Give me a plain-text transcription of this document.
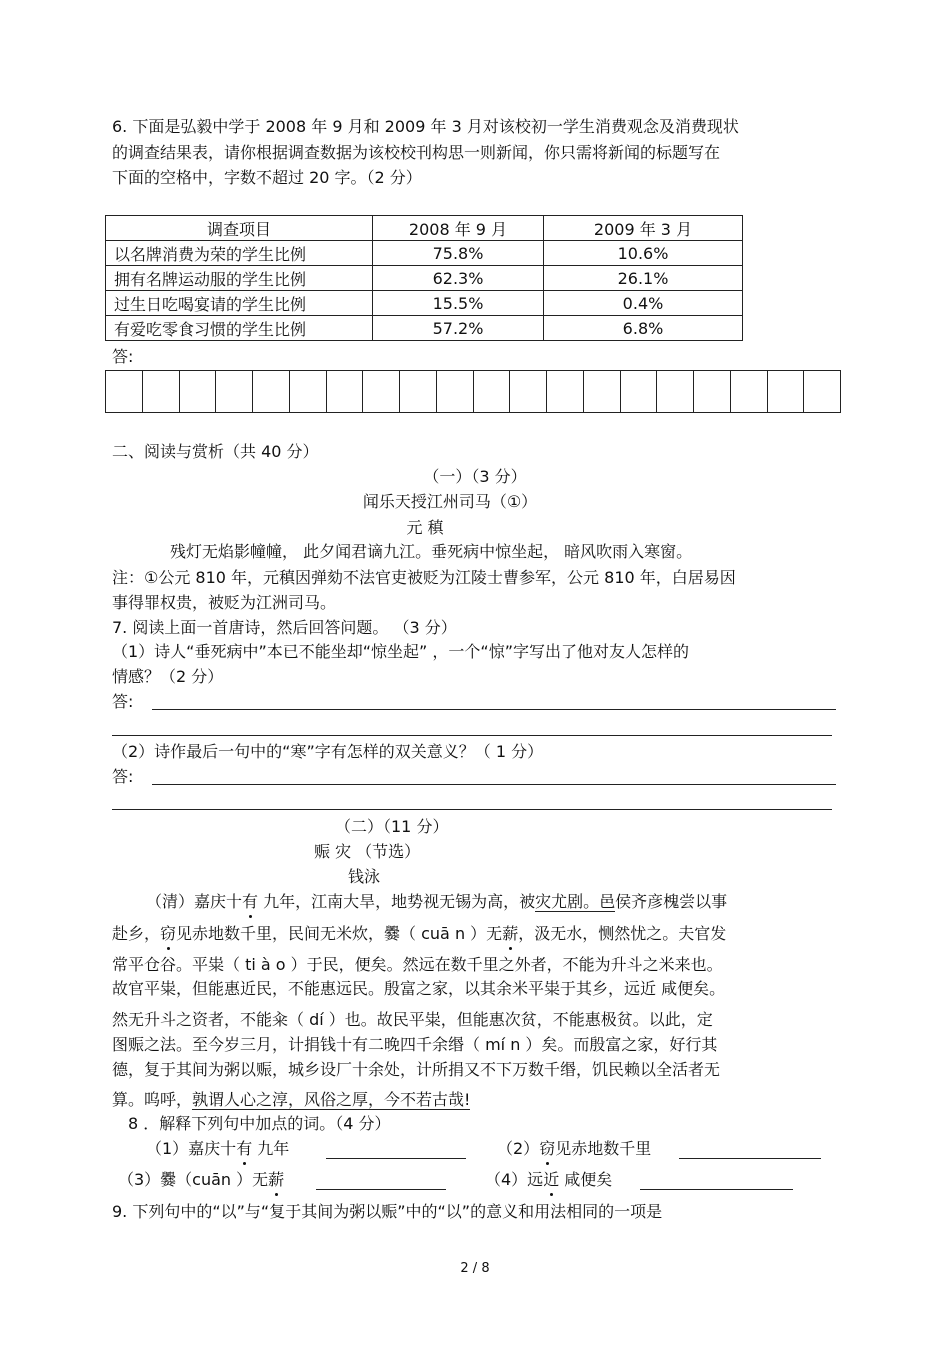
6. 下面是弘毅中学于 2008 年 9 月和 2009 年 3 月对该校初一学生消费观念及消费现状
的调查结果表，请你根据调查数据为该校校刊构思一则新闻，你只需将新闻的标题写在
下面的空格中，字数不超过 20 字。（2 分）
调查项目	2008 年 9 月	2009 年 3 月
以名牌消费为荣的学生比例	75.8%	10.6%
拥有名牌运动服的学生比例	62.3%	26.1%
过生日吃喝宴请的学生比例	15.5%	0.4%
有爱吃零食习惯的学生比例	57.2%	6.8%
答:
二、阅读与赏析（共 40 分）
（一）（3 分）
闻乐天授江州司马（①）
元 稹
残灯无焰影幢幢， 此夕闻君谪九江。垂死病中惊坐起， 暗风吹雨入寒窗。
注：①公元 810 年，元稹因弹劾不法官吏被贬为江陵士曹参军，公元 810 年，白居易因
事得罪权贵，被贬为江洲司马。
7. 阅读上面一首唐诗，然后回答问题。 （3 分）
（1）诗人“垂死病中”本已不能坐却“惊坐起” ，一个“惊”字写出了他对友人怎样的
情感？（2 分）
答:
（2）诗作最后一句中的“寒”字有怎样的双关意义？（ 1 分）
答:
（二）（11 分）
赈 灾 （节选）
钱泳
（清）嘉庆十有 九年，江南大旱，地势视无锡为高，被灾尤剧。邑侯齐彦槐尝以事
赴乡，窃见赤地数千里，民间无米炊，爨（ cuā n ）无薪，汲无水，恻然忧之。夫官发
常平仓谷。平粜（ ti à o ）于民，便矣。然远在数千里之外者，不能为升斗之米来也。
故官平粜，但能惠近民，不能惠远民。殷富之家，以其余米平粜于其乡，远近 咸便矣。
然无升斗之资者，不能籴（ dí ）也。故民平粜，但能惠次贫，不能惠极贫。以此，定
图赈之法。至今岁三月，计捐钱十有二晚四千余缗（ mí n ）矣。而殷富之家，好行其
德，复于其间为粥以赈，城乡设厂十余处，计所捐又不下万数千缗，饥民赖以全活者无
算。呜呼，孰谓人心之淳，风俗之厚，今不若古哉!
8 ．解释下列句中加点的词。（4 分）
（1）嘉庆十有 九年	（2）窃见赤地数千里
（3）爨（cuān ）无薪	（4）远近 咸便矣
9. 下列句中的“以”与“复于其间为粥以赈”中的“以”的意义和用法相同的一项是
2 / 8
